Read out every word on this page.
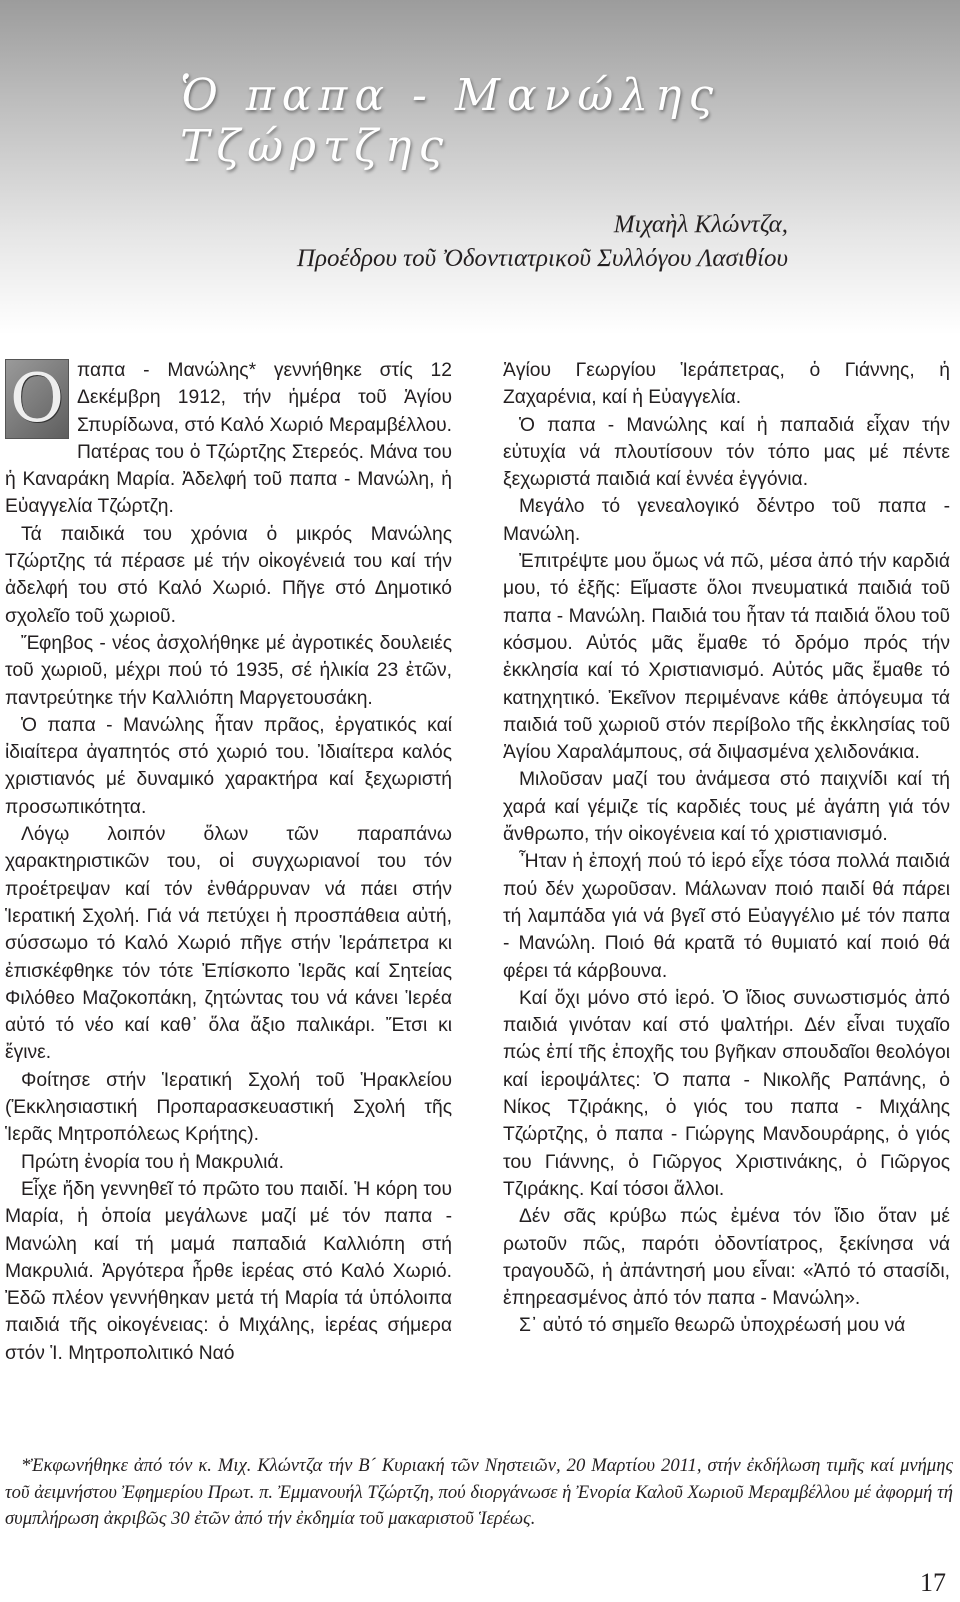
Ὁ παπα - Μανώλης Τζώρτζης
Μιχαὴλ Κλώντζα,
Προέδρου τοῦ Ὀδοντιατρικοῦ Συλλόγου Λασιθίου
Ο παπα - Μανώλης* γεννήθηκε στίς 12 Δεκέμβρη 1912, τήν ἡμέρα τοῦ Ἁγίου Σπυρίδωνα, στό Καλό Χωριό Μεραμβέλλου. Πατέρας του ὁ Τζώρτζης Στερεός. Μάνα του ἡ Καναράκη Μαρία. Ἀδελφή τοῦ παπα - Μανώλη, ἡ Εὐαγγελία Τζώρτζη.

Τά παιδικά του χρόνια ὁ μικρός Μανώλης Τζώρτζης τά πέρασε μέ τήν οἰκογένειά του καί τήν ἀδελφή του στό Καλό Χωριό. Πῆγε στό Δημοτικό σχολεῖο τοῦ χωριοῦ.

Ἔφηβος - νέος ἀσχολήθηκε μέ ἀγροτικές δουλειές τοῦ χωριοῦ, μέχρι πού τό 1935, σέ ἡλικία 23 ἐτῶν, παντρεύτηκε τήν Καλλιόπη Μαργετουσάκη.

Ὁ παπα - Μανώλης ἦταν πρᾶος, ἐργατικός καί ἰδιαίτερα ἀγαπητός στό χωριό του. Ἰδιαίτερα καλός χριστιανός μέ δυναμικό χαρακτήρα καί ξεχωριστή προσωπικότητα.

Λόγῳ λοιπόν ὅλων τῶν παραπάνω χαρακτηριστικῶν του, οἱ συγχωριανοί του τόν προέτρεψαν καί τόν ἐνθάρρυναν νά πάει στήν Ἱερατική Σχολή. Γιά νά πετύχει ἡ προσπάθεια αὐτή, σύσσωμο τό Καλό Χωριό πῆγε στήν Ἱεράπετρα κι ἐπισκέφθηκε τόν τότε Ἐπίσκοπο Ἱερᾶς καί Σητείας Φιλόθεο Μαζοκοπάκη, ζητώντας του νά κάνει Ἱερέα αὐτό τό νέο καί καθ᾽ ὅλα ἄξιο παλικάρι. Ἔτσι κι ἔγινε.

Φοίτησε στήν Ἱερατική Σχολή τοῦ Ἡρακλείου (Ἐκκλησιαστική Προπαρασκευαστική Σχολή τῆς Ἱερᾶς Μητροπόλεως Κρήτης).

Πρώτη ἐνορία του ἡ Μακρυλιά.

Εἶχε ἤδη γεννηθεῖ τό πρῶτο του παιδί. Ἡ κόρη του Μαρία, ἡ ὁποία μεγάλωνε μαζί μέ τόν παπα - Μανώλη καί τή μαμά παπαδιά Καλλιόπη στή Μακρυλιά. Ἀργότερα ἦρθε ἱερέας στό Καλό Χωριό. Ἐδῶ πλέον γεννήθηκαν μετά τή Μαρία τά ὑπόλοιπα παιδιά τῆς οἰκογένειας: ὁ Μιχάλης, ἱερέας σήμερα στόν Ἱ. Μητροπολιτικό Ναό

Ἁγίου Γεωργίου Ἱεράπετρας, ὁ Γιάννης, ἡ Ζαχαρένια, καί ἡ Εὐαγγελία.

Ὁ παπα - Μανώλης καί ἡ παπαδιά εἶχαν τήν εὐτυχία νά πλουτίσουν τόν τόπο μας μέ πέντε ξεχωριστά παιδιά καί ἐννέα ἐγγόνια.

Μεγάλο τό γενεαλογικό δέντρο τοῦ παπα - Μανώλη.

Ἐπιτρέψτε μου ὅμως νά πῶ, μέσα ἀπό τήν καρδιά μου, τό ἑξῆς: Εἴμαστε ὅλοι πνευματικά παιδιά τοῦ παπα - Μανώλη. Παιδιά του ἦταν τά παιδιά ὅλου τοῦ κόσμου. Αὐτός μᾶς ἔμαθε τό δρόμο πρός τήν ἐκκλησία καί τό Χριστιανισμό. Αὐτός μᾶς ἔμαθε τό κατηχητικό. Ἐκεῖνον περιμένανε κάθε ἀπόγευμα τά παιδιά τοῦ χωριοῦ στόν περίβολο τῆς ἐκκλησίας τοῦ Ἁγίου Χαραλάμπους, σά διψασμένα χελιδονάκια.

Μιλοῦσαν μαζί του ἀνάμεσα στό παιχνίδι καί τή χαρά καί γέμιζε τίς καρδιές τους μέ ἀγάπη γιά τόν ἄνθρωπο, τήν οἰκογένεια καί τό χριστιανισμό.

Ἦταν ἡ ἐποχή πού τό ἱερό εἶχε τόσα πολλά παιδιά πού δέν χωροῦσαν. Μάλωναν ποιό παιδί θά πάρει τή λαμπάδα γιά νά βγεῖ στό Εὐαγγέλιο μέ τόν παπα - Μανώλη. Ποιό θά κρατᾶ τό θυμιατό καί ποιό θά φέρει τά κάρβουνα.

Καί ὄχι μόνο στό ἱερό. Ὁ ἴδιος συνωστισμός ἀπό παιδιά γινόταν καί στό ψαλτήρι. Δέν εἶναι τυχαῖο πώς ἐπί τῆς ἐποχῆς του βγῆκαν σπουδαῖοι θεολόγοι καί ἱεροψάλτες: Ὁ παπα - Νικολῆς Ραπάνης, ὁ Νίκος Τζιράκης, ὁ γιός του παπα - Μιχάλης Τζώρτζης, ὁ παπα - Γιώργης Μανδουράρης, ὁ γιός του Γιάννης, ὁ Γιῶργος Χριστινάκης, ὁ Γιῶργος Τζιράκης. Καί τόσοι ἄλλοι.

Δέν σᾶς κρύβω πώς ἐμένα τόν ἴδιο ὅταν μέ ρωτοῦν πῶς, παρότι ὀδοντίατρος, ξεκίνησα νά τραγουδῶ, ἡ ἀπάντησή μου εἶναι: «Ἀπό τό στασίδι, ἐπηρεασμένος ἀπό τόν παπα - Μανώλη».

Σ᾽ αὐτό τό σημεῖο θεωρῶ ὑποχρέωσή μου νά

*Ἐκφωνήθηκε ἀπό τόν κ. Μιχ. Κλώντζα τήν Β´ Κυριακή τῶν Νηστειῶν, 20 Μαρτίου 2011, στήν ἐκδήλωση τιμῆς καί μνήμης τοῦ ἀειμνήστου Ἐφημερίου Πρωτ. π. Ἐμμανουήλ Τζώρτζη, πού διοργάνωσε ἡ Ἐνορία Καλοῦ Χωριοῦ Μεραμβέλλου μέ ἀφορμή τή συμπλήρωση ἀκριβῶς 30 ἐτῶν ἀπό τήν ἐκδημία τοῦ μακαριστοῦ Ἱερέως.
17
